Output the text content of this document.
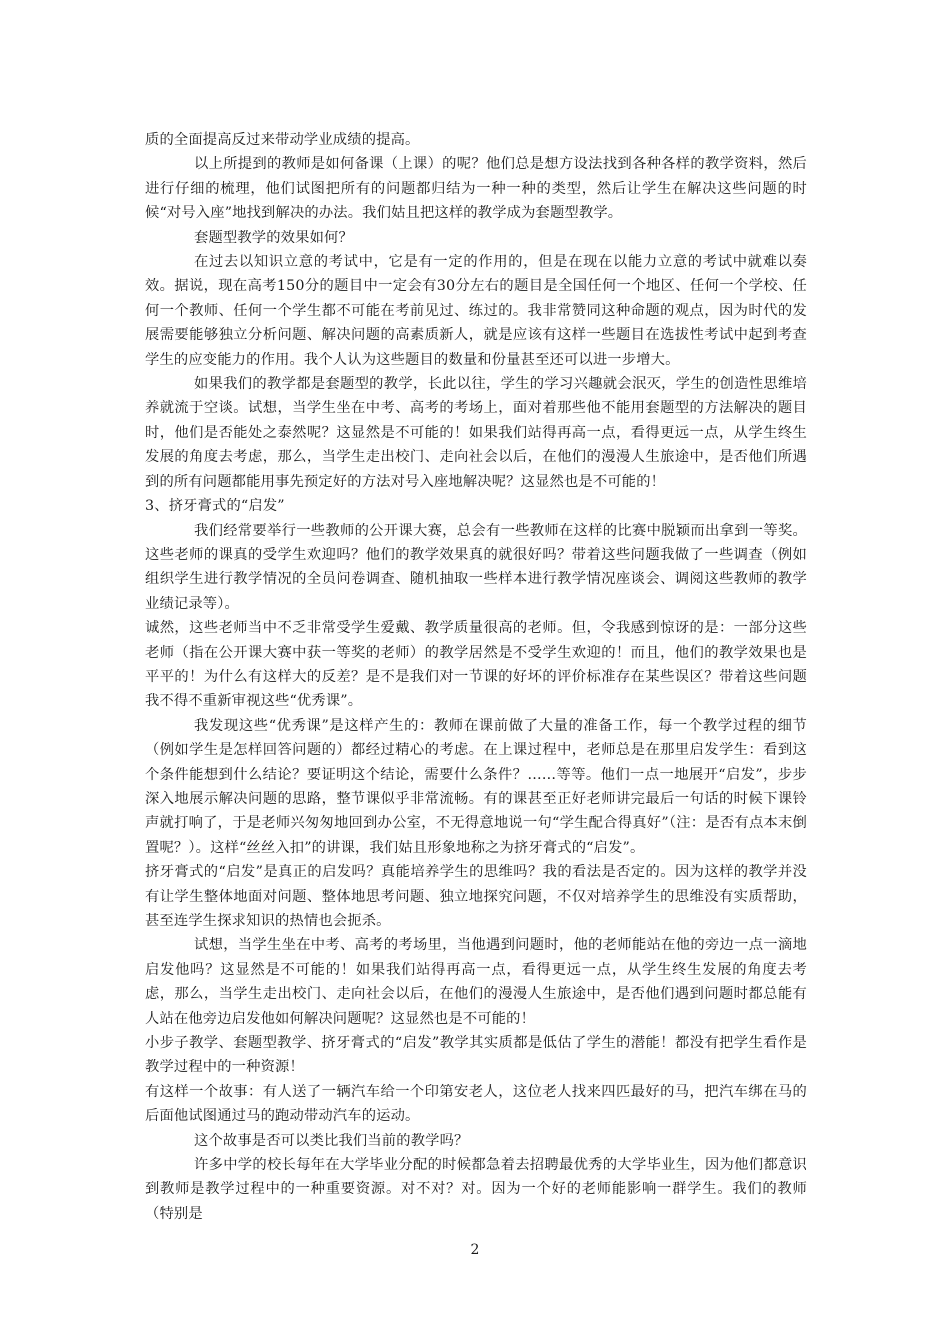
质的全面提高反过来带动学业成绩的提高。

以上所提到的教师是如何备课（上课）的呢？他们总是想方设法找到各种各样的教学资料，然后进行仔细的梳理，他们试图把所有的问题都归结为一种一种的类型，然后让学生在解决这些问题的时候“对号入座”地找到解决的办法。我们姑且把这样的教学成为套题型教学。

套题型教学的效果如何？

在过去以知识立意的考试中，它是有一定的作用的，但是在现在以能力立意的考试中就难以奏效。据说，现在高考150分的题目中一定会有30分左右的题目是全国任何一个地区、任何一个学校、任何一个教师、任何一个学生都不可能在考前见过、练过的。我非常赞同这种命题的观点，因为时代的发展需要能够独立分析问题、解决问题的高素质新人，就是应该有这样一些题目在选拔性考试中起到考查学生的应变能力的作用。我个人认为这些题目的数量和份量甚至还可以进一步增大。

如果我们的教学都是套题型的教学，长此以往，学生的学习兴趣就会泯灭，学生的创造性思维培养就流于空谈。试想，当学生坐在中考、高考的考场上，面对着那些他不能用套题型的方法解决的题目时，他们是否能处之泰然呢？这显然是不可能的！如果我们站得再高一点，看得更远一点，从学生终生发展的角度去考虑，那么，当学生走出校门、走向社会以后，在他们的漫漫人生旅途中，是否他们所遇到的所有问题都能用事先预定好的方法对号入座地解决呢？这显然也是不可能的！

3、挤牙膏式的“启发”

我们经常要举行一些教师的公开课大赛，总会有一些教师在这样的比赛中脱颖而出拿到一等奖。这些老师的课真的受学生欢迎吗？他们的教学效果真的就很好吗？带着这些问题我做了一些调查（例如组织学生进行教学情况的全员问卷调查、随机抽取一些样本进行教学情况座谈会、调阅这些教师的教学业绩记录等）。

诚然，这些老师当中不乏非常受学生爱戴、教学质量很高的老师。但，令我感到惊讶的是：一部分这些老师（指在公开课大赛中获一等奖的老师）的教学居然是不受学生欢迎的！而且，他们的教学效果也是平平的！为什么有这样大的反差？是不是我们对一节课的好坏的评价标准存在某些误区？带着这些问题我不得不重新审视这些“优秀课”。

我发现这些“优秀课”是这样产生的：教师在课前做了大量的准备工作，每一个教学过程的细节（例如学生是怎样回答问题的）都经过精心的考虑。在上课过程中，老师总是在那里启发学生：看到这个条件能想到什么结论？要证明这个结论，需要什么条件？……等等。他们一点一地展开“启发”，步步深入地展示解决问题的思路，整节课似乎非常流畅。有的课甚至正好老师讲完最后一句话的时候下课铃声就打响了，于是老师兴匆匆地回到办公室，不无得意地说一句“学生配合得真好”（注：是否有点本末倒置呢？）。这样“丝丝入扣”的讲课，我们姑且形象地称之为挤牙膏式的“启发”。

挤牙膏式的“启发”是真正的启发吗？真能培养学生的思维吗？我的看法是否定的。因为这样的教学并没有让学生整体地面对问题、整体地思考问题、独立地探究问题，不仅对培养学生的思维没有实质帮助，甚至连学生探求知识的热情也会扼杀。

试想，当学生坐在中考、高考的考场里，当他遇到问题时，他的老师能站在他的旁边一点一滴地启发他吗？这显然是不可能的！如果我们站得再高一点，看得更远一点，从学生终生发展的角度去考虑，那么，当学生走出校门、走向社会以后，在他们的漫漫人生旅途中，是否他们遇到问题时都总能有人站在他旁边启发他如何解决问题呢？这显然也是不可能的！

小步子教学、套题型教学、挤牙膏式的“启发”教学其实质都是低估了学生的潜能！都没有把学生看作是教学过程中的一种资源！

有这样一个故事：有人送了一辆汽车给一个印第安老人，这位老人找来四匹最好的马，把汽车绑在马的后面他试图通过马的跑动带动汽车的运动。

这个故事是否可以类比我们当前的教学吗？

许多中学的校长每年在大学毕业分配的时候都急着去招聘最优秀的大学毕业生，因为他们都意识到教师是教学过程中的一种重要资源。对不对？对。因为一个好的老师能影响一群学生。我们的教师（特别是

2
